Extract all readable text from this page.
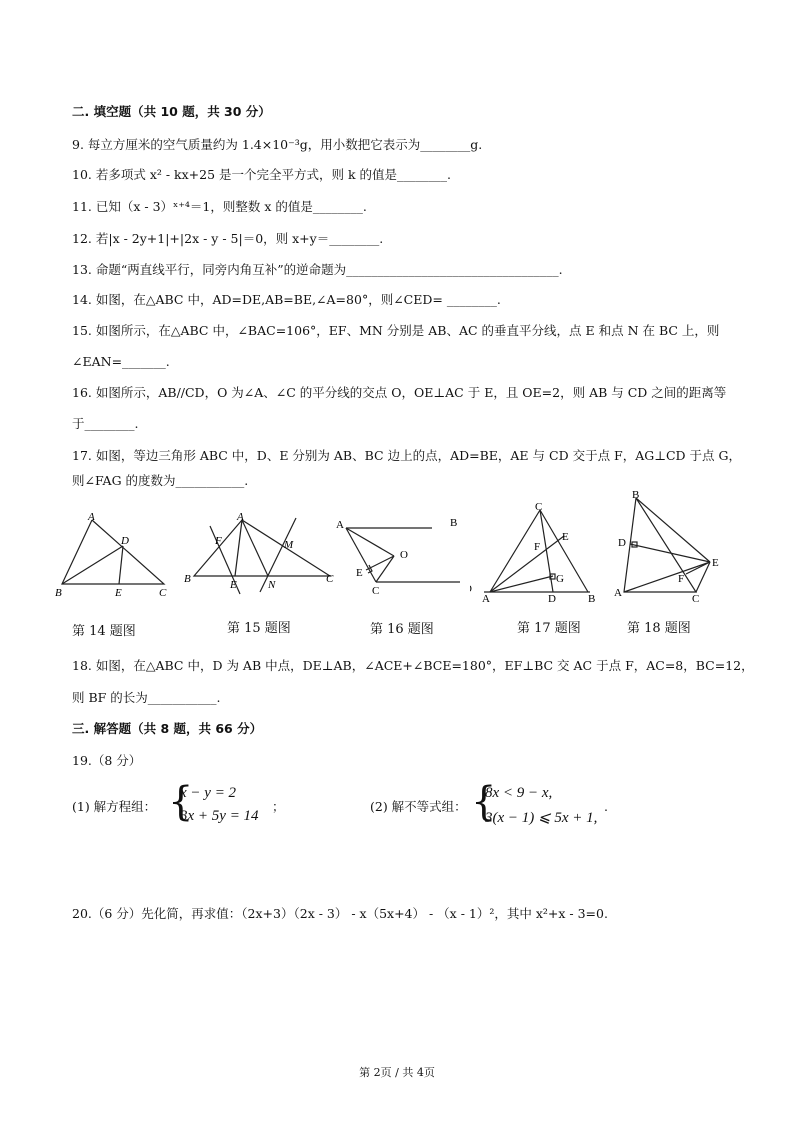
二. 填空题（共 10 题，共 30 分）
9. 每立方厘米的空气质量约为 1.4×10⁻³g，用小数把它表示为________g.
10. 若多项式 x² - kx+25 是一个完全平方式，则 k 的值是________.
11. 已知（x - 3）ˣ⁺⁴＝1，则整数 x 的值是________.
12. 若|x - 2y+1|+|2x - y - 5|＝0，则 x+y＝________.
13. 命题“两直线平行，同旁内角互补”的逆命题为__________________________________.
14. 如图，在△ABC 中，AD=DE,AB=BE,∠A=80°，则∠CED= ________.
15. 如图所示，在△ABC 中，∠BAC=106°，EF、MN 分别是 AB、AC 的垂直平分线，点 E 和点 N 在 BC 上，则
∠EAN=_______.
16. 如图所示，AB//CD，O 为∠A、∠C 的平分线的交点 O，OE⊥AC 于 E，且 OE=2，则 AB 与 CD 之间的距离等
于________.
17. 如图，等边三角形 ABC 中，D、E 分别为 AB、BC 边上的点，AD=BE，AE 与 CD 交于点 F，AG⊥CD 于点 G，
则∠FAG 的度数为___________.
A
B	C
D
E
A
B	C
E
F	M
N
A	B
C
E
O
A	B
C
D
E
F
G
A
B
C
D
E
F
第 14 题图	第 15 题图	第 16 题图	第 17 题图	第 18 题图
18. 如图，在△ABC 中，D 为 AB 中点，DE⊥AB，∠ACE+∠BCE=180°，EF⊥BC 交 AC 于点 F，AC=8，BC=12，
则 BF 的长为___________.
三. 解答题（共 8 题，共 66 分）
19.（8 分）
(1) 解方程组： {
x − y = 2
3x + 5y = 14
；	(2) 解不等式组： {
8x < 9 − x,
3(x − 1) ⩽ 5x + 1,
.
20.（6 分）先化简，再求值：（2x+3）（2x - 3） - x（5x+4） - （x - 1）²，其中 x²+x - 3=0.
第 2页 / 共 4页
